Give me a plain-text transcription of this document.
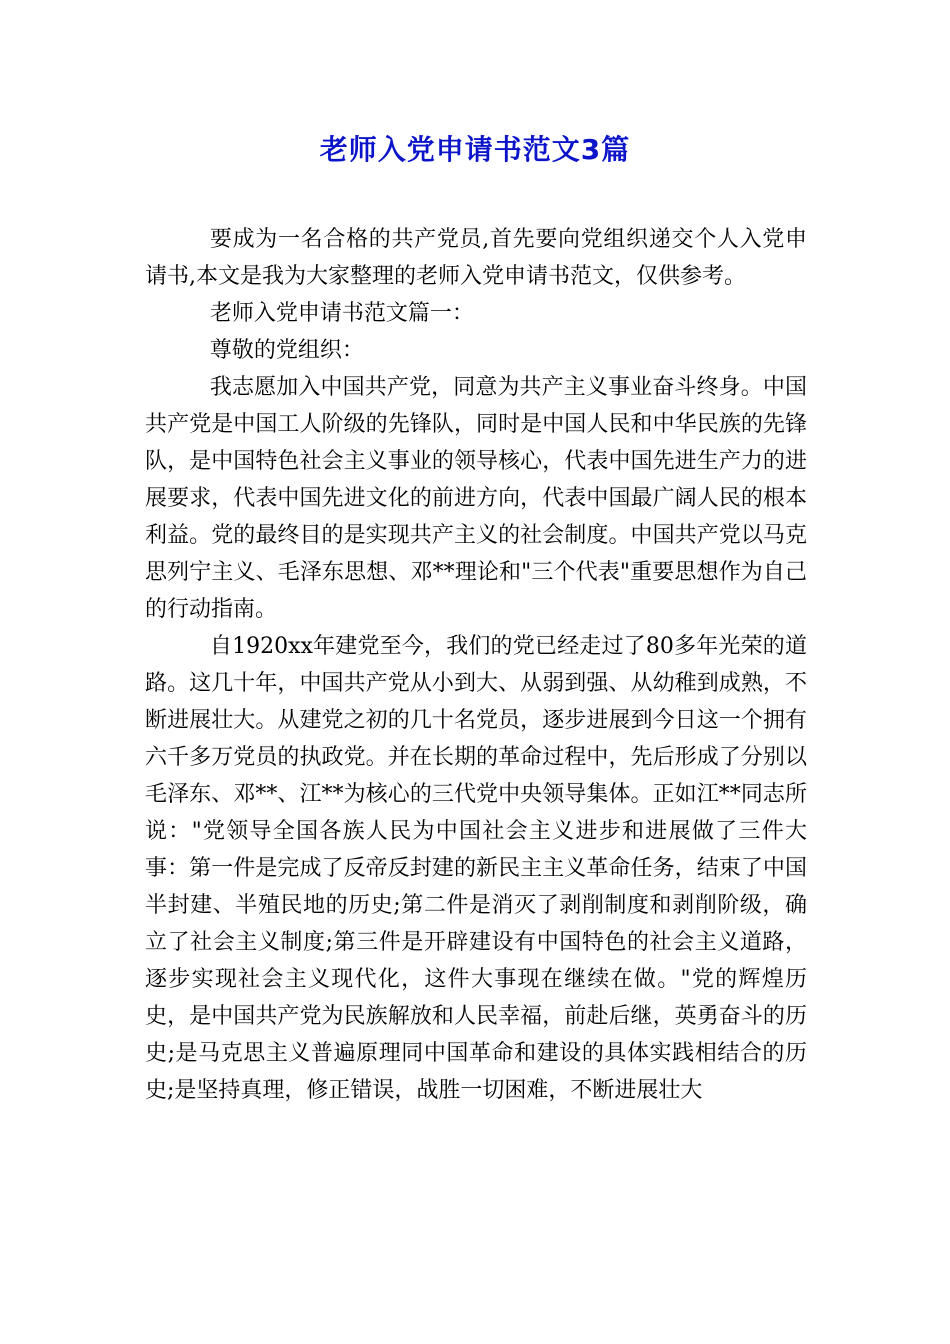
老师入党申请书范文3篇

要成为一名合格的共产党员,首先要向党组织递交个人入党申请书,本文是我为大家整理的老师入党申请书范文，仅供参考。

老师入党申请书范文篇一：

尊敬的党组织：

我志愿加入中国共产党，同意为共产主义事业奋斗终身。中国共产党是中国工人阶级的先锋队，同时是中国人民和中华民族的先锋队，是中国特色社会主义事业的领导核心，代表中国先进生产力的进展要求，代表中国先进文化的前进方向，代表中国最广阔人民的根本利益。党的最终目的是实现共产主义的社会制度。中国共产党以马克思列宁主义、毛泽东思想、邓**理论和"三个代表"重要思想作为自己的行动指南。

自1920xx年建党至今，我们的党已经走过了80多年光荣的道路。这几十年，中国共产党从小到大、从弱到强、从幼稚到成熟，不断进展壮大。从建党之初的几十名党员，逐步进展到今日这一个拥有六千多万党员的执政党。并在长期的革命过程中，先后形成了分别以毛泽东、邓**、江**为核心的三代党中央领导集体。正如江**同志所说："党领导全国各族人民为中国社会主义进步和进展做了三件大事：第一件是完成了反帝反封建的新民主主义革命任务，结束了中国半封建、半殖民地的历史;第二件是消灭了剥削制度和剥削阶级，确立了社会主义制度;第三件是开辟建设有中国特色的社会主义道路，逐步实现社会主义现代化，这件大事现在继续在做。"党的辉煌历史，是中国共产党为民族解放和人民幸福，前赴后继，英勇奋斗的历史;是马克思主义普遍原理同中国革命和建设的具体实践相结合的历史;是坚持真理，修正错误，战胜一切困难，不断进展壮大
